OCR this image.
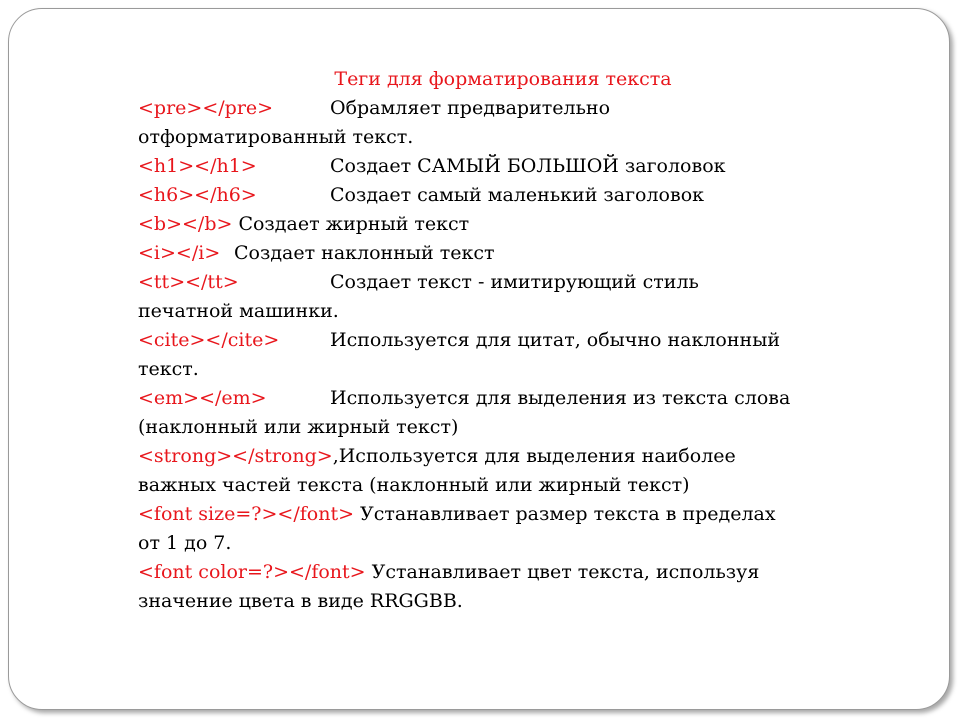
Теги для форматирования текста
<pre></pre>	Обрамляет предварительно
отформатированный текст.
<h1></h1>	Создает САМЫЙ БОЛЬШОЙ заголовок
<h6></h6>	Создает самый маленький заголовок
<b></b> Создает жирный текст
<i></i> Создает наклонный текст
<tt></tt>	Создает текст - имитирующий стиль
печатной машинки.
<cite></cite>	Используется для цитат, обычно наклонный
текст.
<em></em>	Используется для выделения из текста слова
(наклонный или жирный текст)
<strong></strong>,Используется для выделения наиболее
важных частей текста (наклонный или жирный текст)
<font size=?></font> Устанавливает размер текста в пределах
от 1 до 7.
<font color=?></font> Устанавливает цвет текста, используя
значение цвета в виде RRGGBB.
